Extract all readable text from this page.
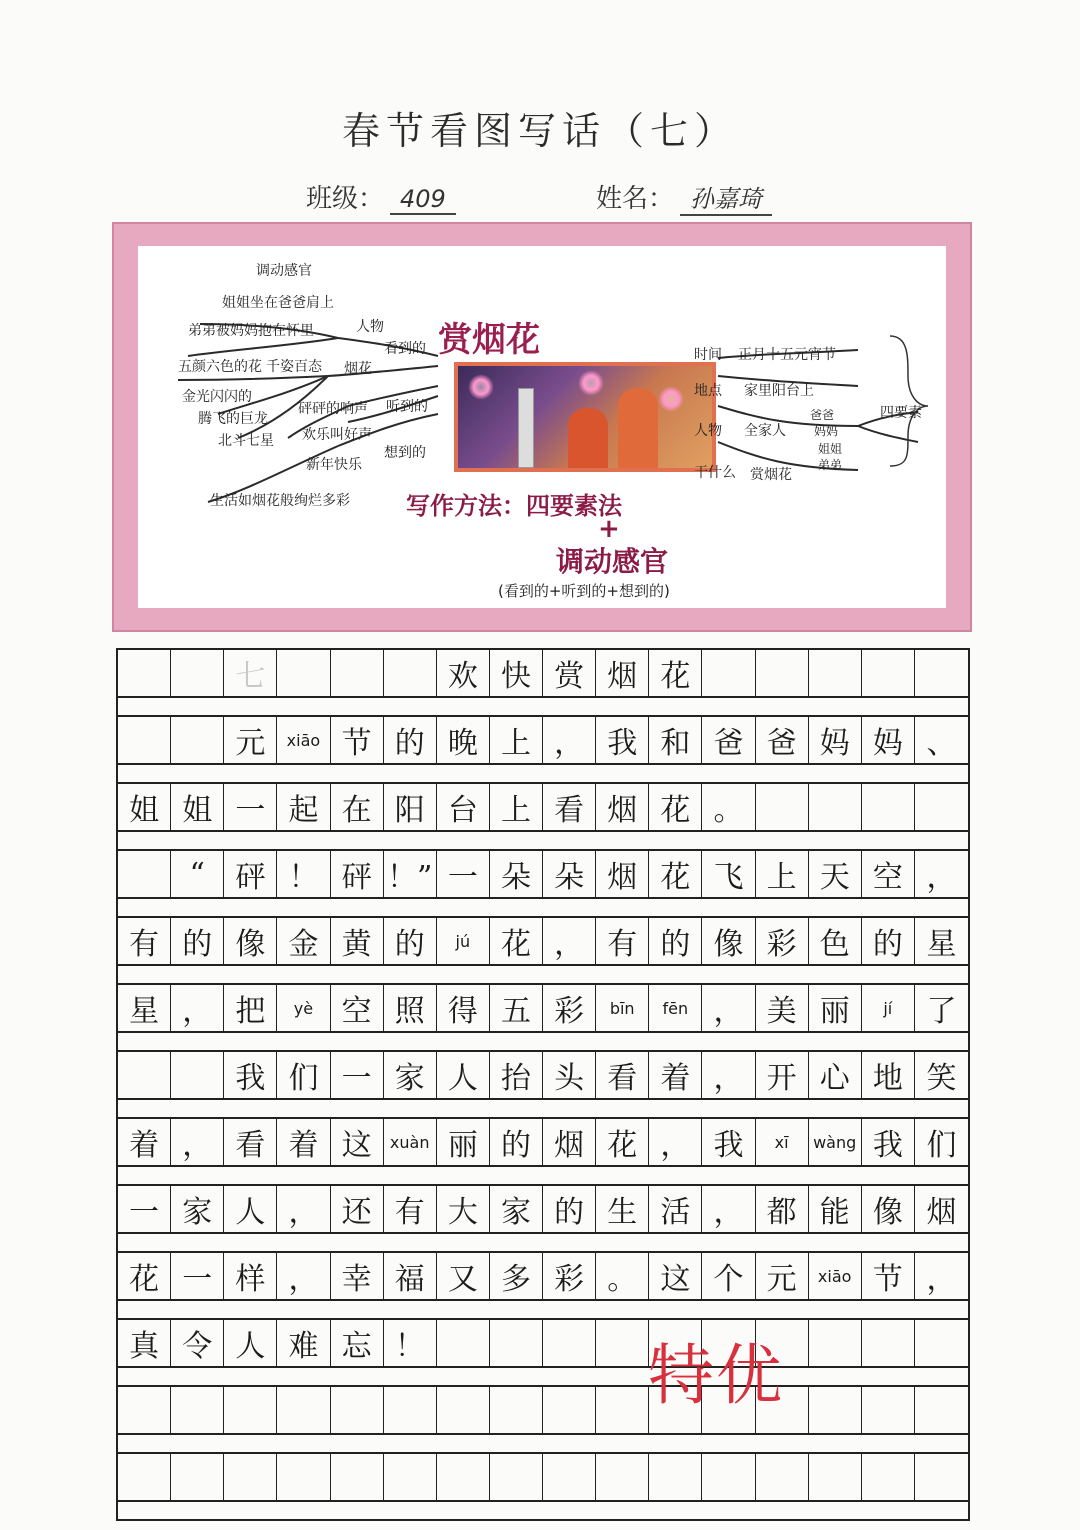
春节看图写话（七）
班级： 409	姓名： 孙嘉琦
调动感官
姐姐坐在爸爸肩上
弟弟被妈妈抱在怀里	人物
看到的
五颜六色的花 千姿百态 烟花
金光闪闪的
腾飞的巨龙
北斗七星
砰砰的响声 听到的
欢乐叫好声
新年快乐
想到的
生活如烟花般绚烂多彩
赏烟花	时间 正月十五元宵节
地点 家里阳台上
人物 全家人
爸爸
妈妈
姐姐
弟弟
干什么 赏烟花
四要素
写作方法：四要素法
+
调动感官
(看到的+听到的+想到的)
七	欢 快 赏 烟 花
元	xiāo 节 的 晚 上 ， 我 和 爸 爸 妈 妈 、
姐 姐 一 起 在 阳 台 上 看 烟 花 。
“	砰 ！ 砰 ！” 一 朵 朵 烟 花 飞 上 天 空 ，
有 的 像 金 黄 的	jú	花 ， 有 的 像 彩 色 的 星
星 ， 把	yè 空 照 得 五 彩	bīn	fēn ， 美 丽	jí	了
我 们 一 家 人 抬 头 看 着 ， 开 心 地 笑
着 ， 看 着 这	xuàn 丽 的 烟 花 ， 我	xī	wàng 我 们
一 家 人 ， 还 有 大 家 的 生 活 ， 都 能 像 烟
花 一 样 ， 幸 福 又 多 彩 。 这 个 元	xiāo 节 ，
真 令 人 难 忘 ！	特优
